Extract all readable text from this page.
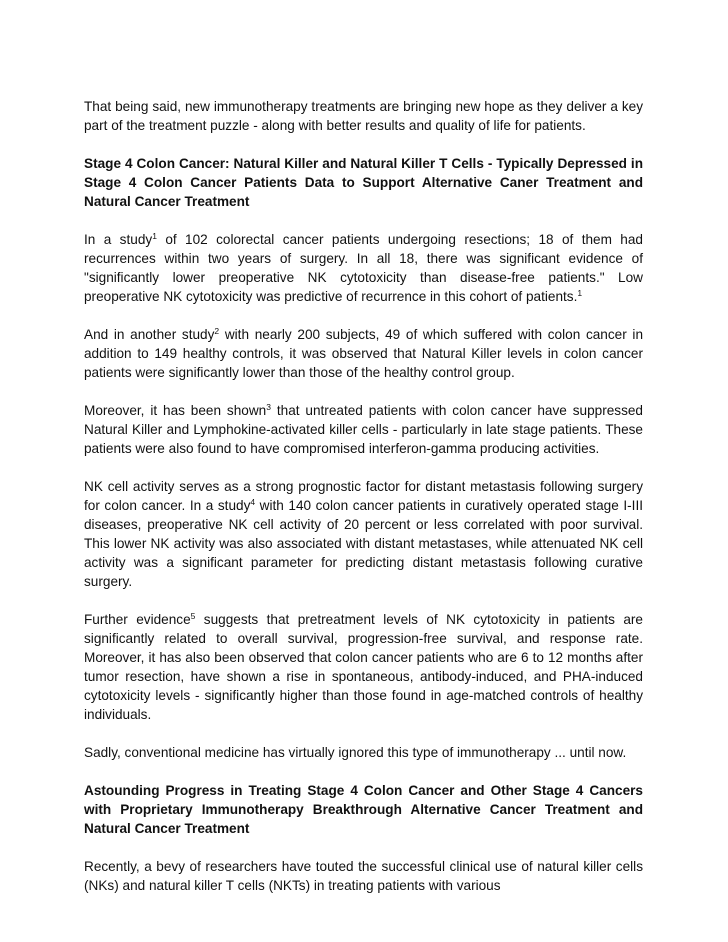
That being said, new immunotherapy treatments are bringing new hope as they deliver a key part of the treatment puzzle - along with better results and quality of life for patients.

Stage 4 Colon Cancer: Natural Killer and Natural Killer T Cells - Typically Depressed in Stage 4 Colon Cancer Patients Data to Support Alternative Caner Treatment and Natural Cancer Treatment

In a study$^1$ of 102 colorectal cancer patients undergoing resections; 18 of them had recurrences within two years of surgery. In all 18, there was significant evidence of "significantly lower preoperative NK cytotoxicity than disease-free patients." Low preoperative NK cytotoxicity was predictive of recurrence in this cohort of patients.$^1$

And in another study$^2$ with nearly 200 subjects, 49 of which suffered with colon cancer in addition to 149 healthy controls, it was observed that Natural Killer levels in colon cancer patients were significantly lower than those of the healthy control group.

Moreover, it has been shown$^3$ that untreated patients with colon cancer have suppressed Natural Killer and Lymphokine-activated killer cells - particularly in late stage patients. These patients were also found to have compromised interferon-gamma producing activities.

NK cell activity serves as a strong prognostic factor for distant metastasis following surgery for colon cancer. In a study$^4$ with 140 colon cancer patients in curatively operated stage I-III diseases, preoperative NK cell activity of 20 percent or less correlated with poor survival. This lower NK activity was also associated with distant metastases, while attenuated NK cell activity was a significant parameter for predicting distant metastasis following curative surgery.

Further evidence$^5$ suggests that pretreatment levels of NK cytotoxicity in patients are significantly related to overall survival, progression-free survival, and response rate. Moreover, it has also been observed that colon cancer patients who are 6 to 12 months after tumor resection, have shown a rise in spontaneous, antibody-induced, and PHA-induced cytotoxicity levels - significantly higher than those found in age-matched controls of healthy individuals.

Sadly, conventional medicine has virtually ignored this type of immunotherapy ... until now.

Astounding Progress in Treating Stage 4 Colon Cancer and Other Stage 4 Cancers with Proprietary Immunotherapy Breakthrough Alternative Cancer Treatment and Natural Cancer Treatment

Recently, a bevy of researchers have touted the successful clinical use of natural killer cells (NKs) and natural killer T cells (NKTs) in treating patients with various
